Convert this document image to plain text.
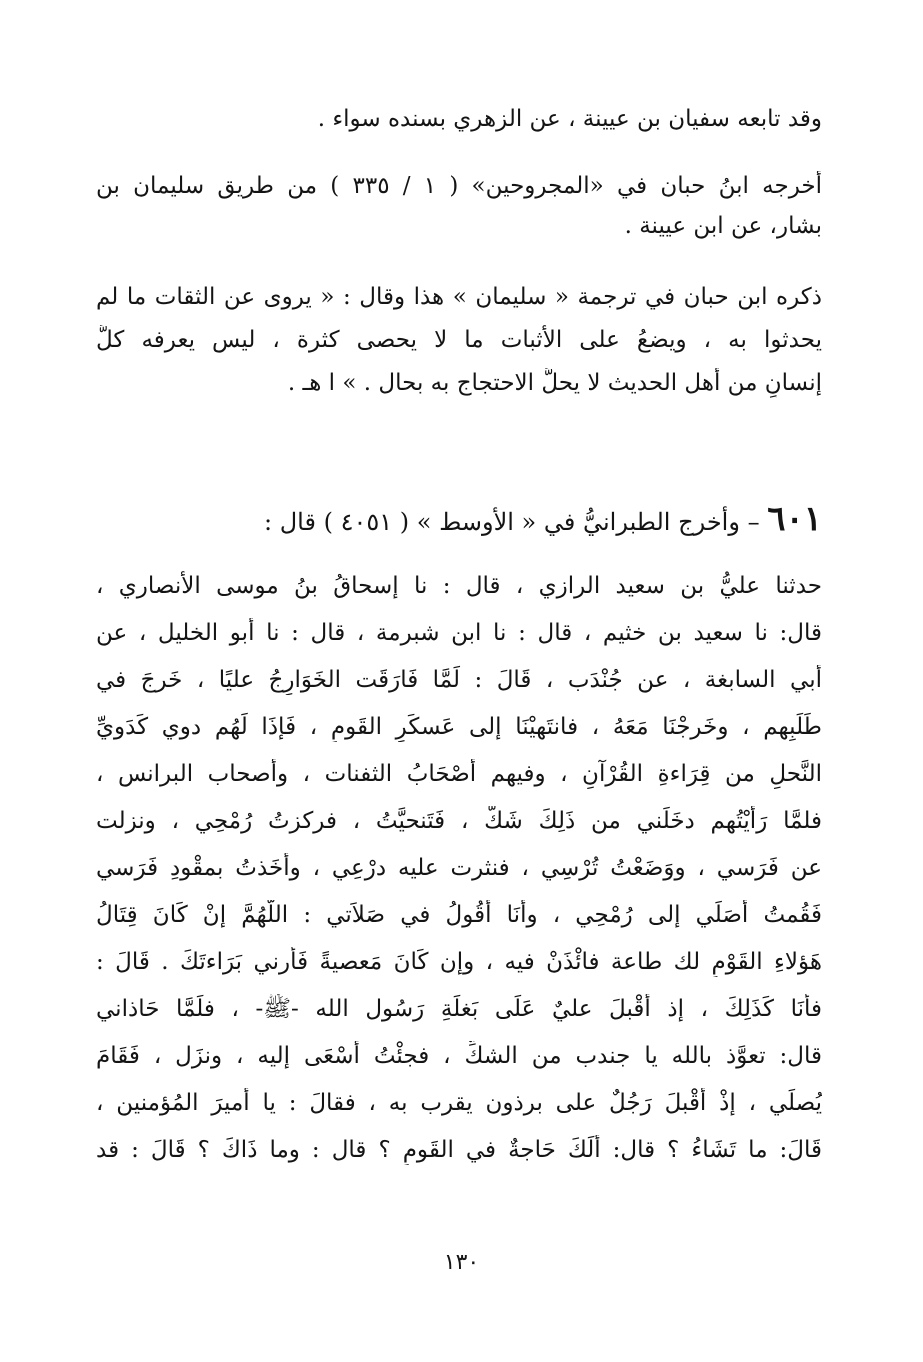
وقد تابعه سفيان بن عيينة ، عن الزهري بسنده سواء .
أخرجه ابنُ حبان في «المجروحين» ( ١ / ٣٣٥ ) من طريق سليمان بن
بشار، عن ابن عيينة .
ذكره ابن حبان في ترجمة « سليمان » هذا وقال : « يروى عن الثقات ما لم
يحدثوا به ، ويضعُ على الأثبات ما لا يحصى كثرة ، ليس يعرفه كلُّ
إنسانٍ من أهل الحديث لا يحلُّ الاحتجاج به بحال . » ا هـ .
٦٠١ – وأخرج الطبرانيُّ في « الأوسط » ( ٤٠٥١ ) قال :
حدثنا عليُّ بن سعيد الرازي ، قال : نا إسحاقُ بنُ موسى الأنصاري ،
قال: نا سعيد بن خثيم ، قال : نا ابن شبرمة ، قال : نا أبو الخليل ، عن
أبي السابغة ، عن جُنْدَب ، قَالَ : لَمَّا فَارَقَت الخَوَارِجُ عليًا ، خَرجَ في
طَلَبِهم ، وخَرجْنَا مَعَهُ ، فانتَهيْنَا إلى عَسكَرِ القَومِ ، فَإذَا لَهُم دوي كَدَويِّ
النَّحلِ من قِرَاءةِ القُرْآنِ ، وفيهم أصْحَابُ الثفنات ، وأصحاب البرانس ،
فلمَّا رَأيْتُهم دخَلَني من ذَلِكَ شَكٌّ ، فَتَنحيَّتُ ، فركزتُ رُمْحِي ، ونزلت
عن فَرَسي ، ووَضَعْتُ تُرْسِي ، فنثرت عليه درْعِي ، وأخَذتُ بمقْودِ فَرَسي
فَقُمتُ أُصَلِّي إلى رُمْحِي ، وأنَا أقُولُ في صَلاَتي : اللَّهُمَّ إنْ كَانَ قِتَالُ
هَؤلاءِ القَوْمِ لك طاعة فائْذَنْ فيه ، وإن كَانَ مَعصيةً فَأرني بَرَاءتَكَ . قَالَ :
فأنَا كَذَلِكَ ، إذ أقْبلَ عليٌ عَلَى بَغلَةِ رَسُول الله -ﷺ- ، فلَمَّا حَاذاني
قال: تعوَّذ بالله يا جندب من الشكِّ ، فجئْتُ أسْعَى إليه ، ونزَل ، فَقَامَ
يُصلِّي ، إذْ أقْبلَ رَجُلٌ على برذون يقرب به ، فقالَ : يا أميرَ المُؤمنين ،
قَالَ: ما تَشَاءُ ؟ قال: أَلَكَ حَاجةٌ في القَومِ ؟ قال : وما ذَاكَ ؟ قَالَ : قد
١٣٠
